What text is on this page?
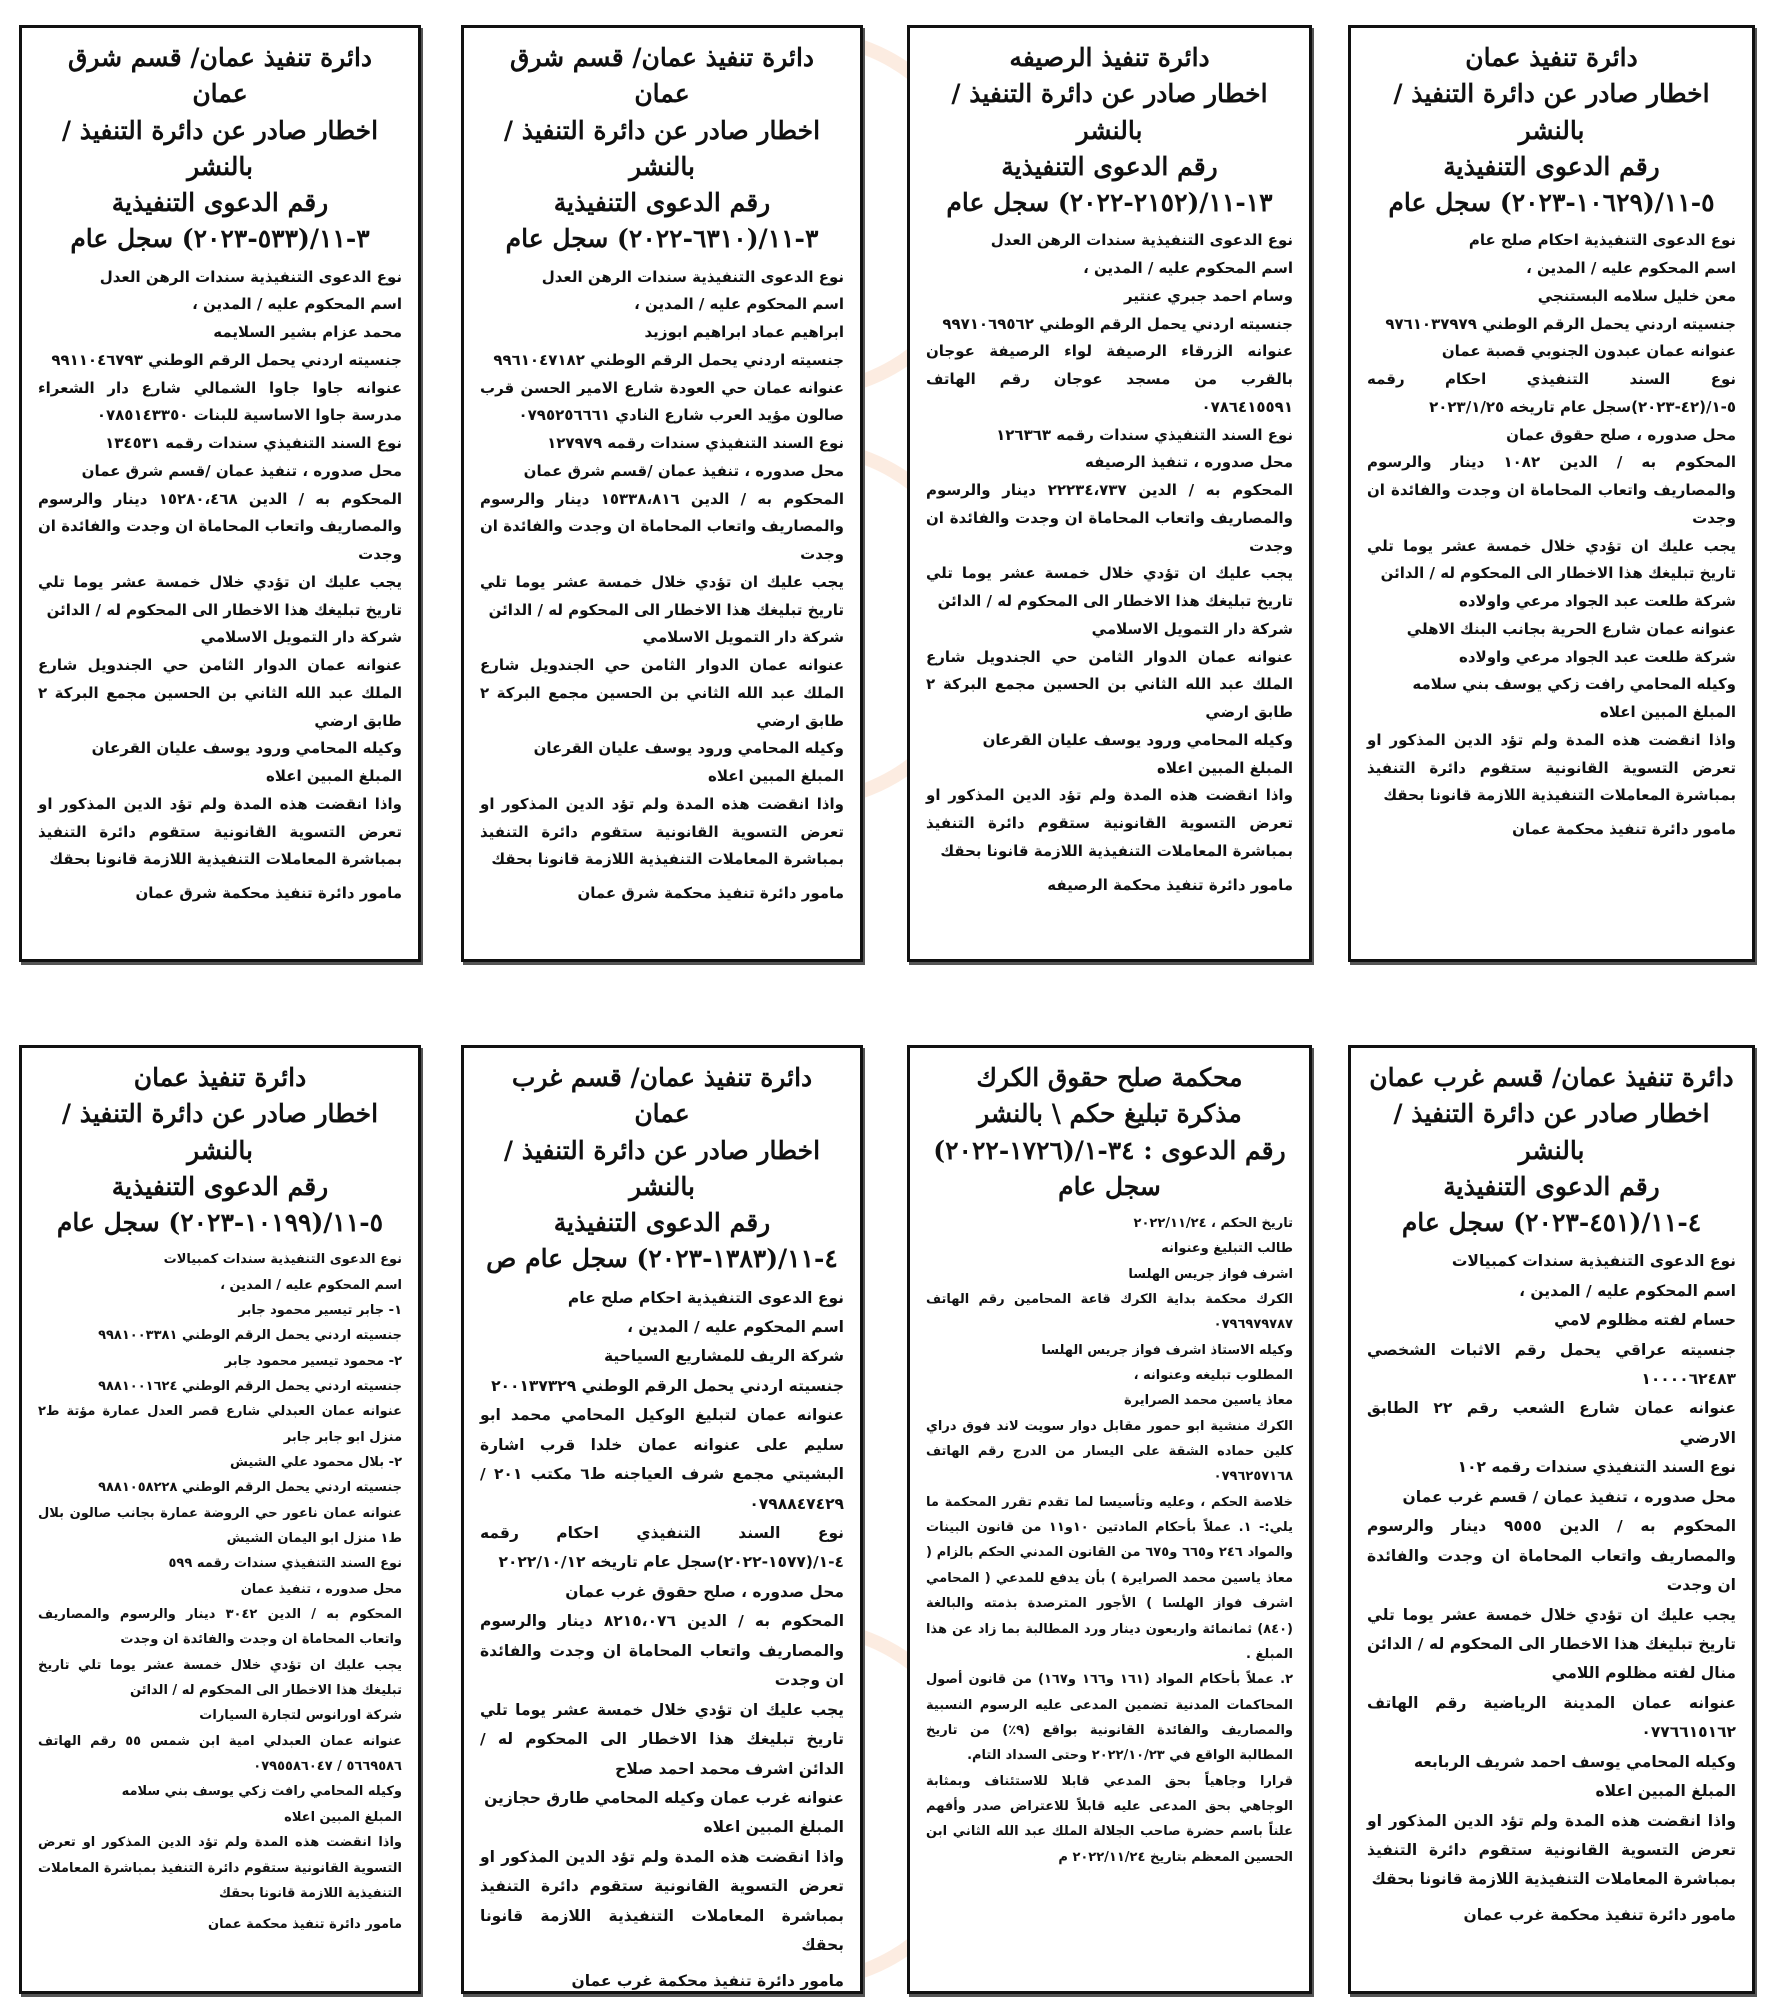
دائرة تنفيذ عمان
اخطار صادر عن دائرة التنفيذ / بالنشر
رقم الدعوى التنفيذية ٥-١١/(١٠٦٢٩-٢٠٢٣) سجل عام

نوع الدعوى التنفيذية احكام صلح عام

اسم المحكوم عليه / المدين ،

معن خليل سلامه البستنجي

جنسيته اردني يحمل الرقم الوطني ٩٧٦١٠٣٧٩٧٩

عنوانه عمان عبدون الجنوبي قصبة عمان

نوع السند التنفيذي احكام رقمه ٥-١/(٤٢-٢٠٢٣)سجل عام تاريخه ٢٠٢٣/١/٢٥

محل صدوره ، صلح حقوق عمان

المحكوم به / الدين ١٠٨٢ دينار والرسوم والمصاريف واتعاب المحاماة ان وجدت والفائدة ان وجدت

يجب عليك ان تؤدي خلال خمسة عشر يوما تلي تاريخ تبليغك هذا الاخطار الى المحكوم له / الدائن

شركة طلعت عبد الجواد مرعي واولاده

عنوانه عمان شارع الحرية بجانب البنك الاهلي

شركة طلعت عبد الجواد مرعي واولاده

وكيله المحامي رافت زكي يوسف بني سلامه

المبلغ المبين اعلاه

واذا انقضت هذه المدة ولم تؤد الدين المذكور او تعرض التسوية القانونية ستقوم دائرة التنفيذ بمباشرة المعاملات التنفيذية اللازمة قانونا بحقك

مامور دائرة تنفيذ محكمة عمان
دائرة تنفيذ الرصيفه
اخطار صادر عن دائرة التنفيذ / بالنشر
رقم الدعوى التنفيذية ١٣-١١/(٢١٥٢-٢٠٢٢) سجل عام

نوع الدعوى التنفيذية سندات الرهن العدل

اسم المحكوم عليه / المدين ،

وسام احمد جبري عنتير

جنسيته اردني يحمل الرقم الوطني ٩٩٧١٠٦٩٥٦٢

عنوانه الزرقاء الرصيفة لواء الرصيفة عوجان بالقرب من مسجد عوجان رقم الهاتف ٠٧٨٦٤١٥٥٩١

نوع السند التنفيذي سندات رقمه ١٢٦٣٦٣

محل صدوره ، تنفيذ الرصيفه

المحكوم به / الدين ٢٢٢٣٤،٧٣٧ دينار والرسوم والمصاريف واتعاب المحاماة ان وجدت والفائدة ان وجدت

يجب عليك ان تؤدي خلال خمسة عشر يوما تلي تاريخ تبليغك هذا الاخطار الى المحكوم له / الدائن

شركة دار التمويل الاسلامي

عنوانه عمان الدوار الثامن حي الجندويل شارع الملك عبد الله الثاني بن الحسين مجمع البركة ٢ طابق ارضي

وكيله المحامي ورود يوسف عليان القرعان

المبلغ المبين اعلاه

واذا انقضت هذه المدة ولم تؤد الدين المذكور او تعرض التسوية القانونية ستقوم دائرة التنفيذ بمباشرة المعاملات التنفيذية اللازمة قانونا بحقك

مامور دائرة تنفيذ محكمة الرصيفه
دائرة تنفيذ عمان/ قسم شرق عمان
اخطار صادر عن دائرة التنفيذ / بالنشر
رقم الدعوى التنفيذية ٣-١١/(٦٣١٠-٢٠٢٢) سجل عام

نوع الدعوى التنفيذية سندات الرهن العدل

اسم المحكوم عليه / المدين ،

ابراهيم عماد ابراهيم ابوزيد

جنسيته اردني يحمل الرقم الوطني ٩٩٦١٠٤٧١٨٢

عنوانه عمان حي العودة شارع الامير الحسن قرب صالون مؤيد العرب شارع النادي ٠٧٩٥٢٥٦٦٦١

نوع السند التنفيذي سندات رقمه ١٢٧٩٧٩

محل صدوره ، تنفيذ عمان /قسم شرق عمان

المحكوم به / الدين ١٥٣٣٨،٨١٦ دينار والرسوم والمصاريف واتعاب المحاماة ان وجدت والفائدة ان وجدت

يجب عليك ان تؤدي خلال خمسة عشر يوما تلي تاريخ تبليغك هذا الاخطار الى المحكوم له / الدائن

شركة دار التمويل الاسلامي

عنوانه عمان الدوار الثامن حي الجندويل شارع الملك عبد الله الثاني بن الحسين مجمع البركة ٢ طابق ارضي

وكيله المحامي ورود يوسف عليان القرعان

المبلغ المبين اعلاه

واذا انقضت هذه المدة ولم تؤد الدين المذكور او تعرض التسوية القانونية ستقوم دائرة التنفيذ بمباشرة المعاملات التنفيذية اللازمة قانونا بحقك

مامور دائرة تنفيذ محكمة شرق عمان
دائرة تنفيذ عمان/ قسم شرق عمان
اخطار صادر عن دائرة التنفيذ / بالنشر
رقم الدعوى التنفيذية ٣-١١/(٥٣٣-٢٠٢٣) سجل عام

نوع الدعوى التنفيذية سندات الرهن العدل

اسم المحكوم عليه / المدين ،

محمد عزام بشير السلايمه

جنسيته اردني يحمل الرقم الوطني ٩٩١١٠٤٦٧٩٣

عنوانه جاوا جاوا الشمالي شارع دار الشعراء مدرسة جاوا الاساسية للبنات ٠٧٨٥١٤٣٣٥٠

نوع السند التنفيذي سندات رقمه ١٣٤٥٣١

محل صدوره ، تنفيذ عمان /قسم شرق عمان

المحكوم به / الدين ١٥٢٨٠،٤٦٨ دينار والرسوم والمصاريف واتعاب المحاماة ان وجدت والفائدة ان وجدت

يجب عليك ان تؤدي خلال خمسة عشر يوما تلي تاريخ تبليغك هذا الاخطار الى المحكوم له / الدائن

شركة دار التمويل الاسلامي

عنوانه عمان الدوار الثامن حي الجندويل شارع الملك عبد الله الثاني بن الحسين مجمع البركة ٢ طابق ارضي

وكيله المحامي ورود يوسف عليان القرعان

المبلغ المبين اعلاه

واذا انقضت هذه المدة ولم تؤد الدين المذكور او تعرض التسوية القانونية ستقوم دائرة التنفيذ بمباشرة المعاملات التنفيذية اللازمة قانونا بحقك

مامور دائرة تنفيذ محكمة شرق عمان
دائرة تنفيذ عمان/ قسم غرب عمان
اخطار صادر عن دائرة التنفيذ / بالنشر
رقم الدعوى التنفيذية ٤-١١/(٤٥١-٢٠٢٣) سجل عام

نوع الدعوى التنفيذية سندات كمبيالات

اسم المحكوم عليه / المدين ،

حسام لفته مظلوم لامي

جنسيته عراقي يحمل رقم الاثبات الشخصي ١٠٠٠٠٦٢٤٨٣

عنوانه عمان شارع الشعب رقم ٢٢ الطابق الارضي

نوع السند التنفيذي سندات رقمه ١٠٢

محل صدوره ، تنفيذ عمان / قسم غرب عمان

المحكوم به / الدين ٩٥٥٥ دينار والرسوم والمصاريف واتعاب المحاماة ان وجدت والفائدة ان وجدت

يجب عليك ان تؤدي خلال خمسة عشر يوما تلي تاريخ تبليغك هذا الاخطار الى المحكوم له / الدائن منال لفته مظلوم اللامي

عنوانه عمان المدينة الرياضية رقم الهاتف ٠٧٧٦٦١٥١٦٢

وكيله المحامي يوسف احمد شريف الربابعه

المبلغ المبين اعلاه

واذا انقضت هذه المدة ولم تؤد الدين المذكور او تعرض التسوية القانونية ستقوم دائرة التنفيذ بمباشرة المعاملات التنفيذية اللازمة قانونا بحقك

مامور دائرة تنفيذ محكمة غرب عمان
محكمة صلح حقوق الكرك
مذكرة تبليغ حكم \ بالنشر
رقم الدعوى : ٣٤-١/(١٧٢٦-٢٠٢٢)
سجل عام

تاريخ الحكم ، ٢٠٢٢/١١/٢٤

طالب التبليغ وعنوانه

اشرف فواز جريس الهلسا

الكرك محكمة بداية الكرك قاعة المحامين رقم الهاتف ٠٧٩٦٩٧٩٧٨٧

وكيله الاستاذ اشرف فواز جريس الهلسا

المطلوب تبليغه وعنوانه ،

معاذ ياسين محمد الصرايرة

الكرك منشية ابو حمور مقابل دوار سويت لاند فوق دراي كلين حماده الشقة على اليسار من الدرج رقم الهاتف ٠٧٩٦٢٥٧١٦٨

خلاصة الحكم ، وعليه وتأسيسا لما تقدم تقرر المحكمة ما يلي:- ١. عملاً بأحكام المادتين ١٠و١١ من قانون البينات والمواد ٢٤٦ و٦٦٥ و٦٧٥ من القانون المدني الحكم بالزام ( معاذ ياسين محمد الصرايرة ) بأن يدفع للمدعي ( المحامي اشرف فواز الهلسا ) الأجور المترصدة بذمته والبالغة (٨٤٠) ثمانمائة واربعون دينار ورد المطالبة بما زاد عن هذا المبلغ .

٢. عملاً بأحكام المواد (١٦١ و١٦٦ و١٦٧) من قانون أصول المحاكمات المدنية تضمين المدعى عليه الرسوم النسبية والمصاريف والفائدة القانونية بواقع (٩٪) من تاريخ المطالبة الواقع في ٢٠٢٢/١٠/٢٣ وحتى السداد التام.

قرارا وجاهياً بحق المدعي قابلا للاستئناف وبمثابة الوجاهي بحق المدعى عليه قابلاً للاعتراض صدر وأفهم علناً باسم حضرة صاحب الجلالة الملك عبد الله الثاني ابن الحسين المعظم بتاريخ ٢٠٢٢/١١/٢٤ م

دائرة تنفيذ عمان/ قسم غرب عمان
اخطار صادر عن دائرة التنفيذ / بالنشر
رقم الدعوى التنفيذية ٤-١١/(١٣٨٣-٢٠٢٣) سجل عام ص

نوع الدعوى التنفيذية احكام صلح عام

اسم المحكوم عليه / المدين ،

شركة الريف للمشاريع السياحية

جنسيته اردني يحمل الرقم الوطني ٢٠٠١٣٧٣٢٩

عنوانه عمان لتبليغ الوكيل المحامي محمد ابو سليم على عنوانه عمان خلدا قرب اشارة البشيتي مجمع شرف العياجنه ط٦ مكتب ٢٠١ / ٠٧٩٨٨٤٧٤٢٩

نوع السند التنفيذي احكام رقمه ٤-١/(١٥٧٧-٢٠٢٢)سجل عام تاريخه ٢٠٢٢/١٠/١٢

محل صدوره ، صلح حقوق غرب عمان

المحكوم به / الدين ٨٢١٥،٠٧٦ دينار والرسوم والمصاريف واتعاب المحاماة ان وجدت والفائدة ان وجدت

يجب عليك ان تؤدي خلال خمسة عشر يوما تلي تاريخ تبليغك هذا الاخطار الى المحكوم له / الدائن اشرف محمد احمد صلاح

عنوانه غرب عمان وكيله المحامي طارق حجازين

المبلغ المبين اعلاه

واذا انقضت هذه المدة ولم تؤد الدين المذكور او تعرض التسوية القانونية ستقوم دائرة التنفيذ بمباشرة المعاملات التنفيذية اللازمة قانونا بحقك

مامور دائرة تنفيذ محكمة غرب عمان
دائرة تنفيذ عمان
اخطار صادر عن دائرة التنفيذ / بالنشر
رقم الدعوى التنفيذية ٥-١١/(١٠١٩٩-٢٠٢٣) سجل عام

نوع الدعوى التنفيذية سندات كمبيالات

اسم المحكوم عليه / المدين ،

١- جابر تيسير محمود جابر

جنسيته اردني يحمل الرقم الوطني ٩٩٨١٠٠٣٣٨١

٢- محمود تيسير محمود جابر

جنسيته اردني يحمل الرقم الوطني ٩٨٨١٠٠١٦٢٤

عنوانه عمان العبدلي شارع قصر العدل عمارة مؤتة ط٢ منزل ابو جابر جابر

٢- بلال محمود علي الشيش

جنسيته اردني يحمل الرقم الوطني ٩٨٨١٠٥٨٢٢٨

عنوانه عمان ناعور حي الروضة عمارة بجانب صالون بلال ط١ منزل ابو اليمان الشيش

نوع السند التنفيذي سندات رقمه ٥٩٩

محل صدوره ، تنفيذ عمان

المحكوم به / الدين ٣٠٤٢ دينار والرسوم والمصاريف واتعاب المحاماة ان وجدت والفائدة ان وجدت

يجب عليك ان تؤدي خلال خمسة عشر يوما تلي تاريخ تبليغك هذا الاخطار الى المحكوم له / الدائن

شركة اورانوس لتجارة السيارات

عنوانه عمان العبدلي امية ابن شمس ٥٥ رقم الهاتف ٥٦٦٩٥٨٦ / ٠٧٩٥٥٨٦٠٤٧

وكيله المحامي رافت زكي يوسف بني سلامه

المبلغ المبين اعلاه

واذا انقضت هذه المدة ولم تؤد الدين المذكور او تعرض التسوية القانونية ستقوم دائرة التنفيذ بمباشرة المعاملات التنفيذية اللازمة قانونا بحقك

مامور دائرة تنفيذ محكمة عمان
